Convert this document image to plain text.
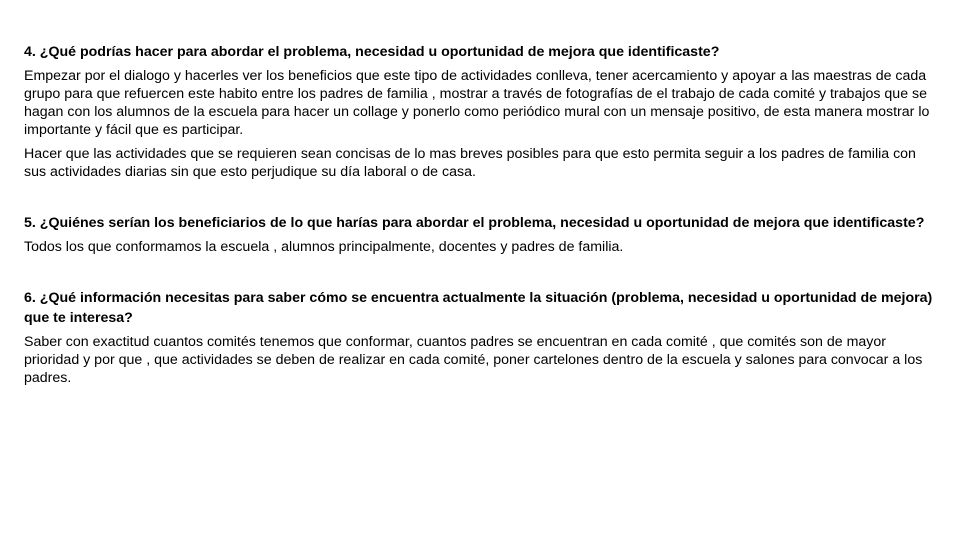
4. ¿Qué podrías hacer para abordar el problema, necesidad u oportunidad de mejora que identificaste?

Empezar por el dialogo y hacerles ver los beneficios que este tipo de actividades conlleva, tener acercamiento y apoyar a las maestras de cada grupo para que refuercen este habito entre los padres de familia , mostrar a través de fotografías de el trabajo de cada comité y trabajos que se hagan con los alumnos de la escuela para hacer un collage y ponerlo como periódico mural con un mensaje positivo, de esta manera mostrar lo importante y fácil que es participar.

Hacer que las actividades que se requieren sean concisas de lo mas breves posibles para que esto permita seguir a los padres de familia con sus actividades diarias sin que esto perjudique su día laboral o de casa.

5. ¿Quiénes serían los beneficiarios de lo que harías para abordar el problema, necesidad u oportunidad de mejora que identificaste?

Todos los que conformamos la escuela , alumnos principalmente, docentes y padres de familia.

6. ¿Qué información necesitas para saber cómo se encuentra actualmente la situación (problema, necesidad u oportunidad de mejora) que te interesa?

Saber con exactitud cuantos comités tenemos que conformar, cuantos padres se encuentran en cada comité , que comités son de mayor prioridad y por que , que actividades se deben de realizar en cada comité, poner cartelones dentro de la escuela y salones para convocar a los padres.
